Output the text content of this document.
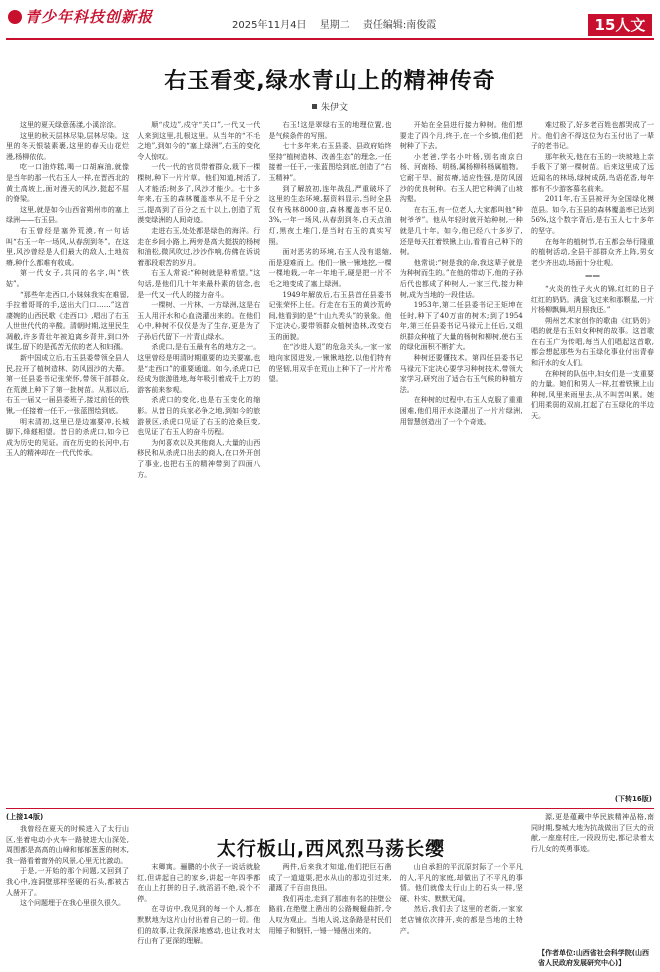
青少年科技创新报	2025年11月4日 星期二 责任编辑:南俊霞	15人文
右玉看变,绿水青山上的精神传奇
朱伊文

这里的夏天绿意荡漾,小溪淙淙。

这里的秋天层林尽染,层林尽染。这里的冬天银装素裹,这里的春天山花烂漫,杨柳依依。

吃一口油炸糕,喝一口胡麻油,就像是当年的那一代右玉人一样,在晋西北的黄土高坡上,面对漫天的风沙,挺起不屈的脊梁。

这里,就是如今山西省朔州市的塞上绿洲——右玉县。

右玉曾经是塞外荒漠,有一句话叫“右玉一年一场风,从春刮到冬”。在这里,风沙曾经是人们最大的敌人,土地贫瘠,种什么都难有收成。

第一代女子,共同的名字,叫“铁姑”。

“那些年走西口,小妹妹我实在难留,手拉着哥哥的手,送出大门口……”这首凄婉的山西民歌《走西口》,唱出了右玉人世世代代的辛酸。清朝时期,这里民生凋敝,许多青壮年被迫离乡背井,到口外谋生,留下的是孤苦无依的老人和妇孺。

新中国成立后,右玉县委带领全县人民,拉开了植树造林、防风固沙的大幕。第一任县委书记张荣怀,带领干部群众,在荒漠上种下了第一批树苗。从那以后,右玉一届又一届县委班子,接过前任的铁锹,一任接着一任干,一张蓝图绘到底。

明末清初,这里已是边塞要冲,长城脚下,烽燧相望。昔日的杀虎口,如今已成为历史的见证。而在历史的长河中,右玉人的精神却在一代代传承。

顺“戍边”,戍守“关口”,一代又一代人来到这里,扎根这里。从当年的“不毛之地”,到如今的“塞上绿洲”,右玉的变化令人惊叹。

一代一代的官员带着群众,栽下一棵棵树,种下一片片草。他们知道,树活了,人才能活;树多了,风沙才能少。七十多年来,右玉的森林覆盖率从不足千分之三,提高到了百分之五十以上,创造了荒漠变绿洲的人间奇迹。

走进右玉,处处都是绿色的海洋。行走在乡间小路上,两旁是高大挺拔的杨树和油松,微风吹过,沙沙作响,仿佛在诉说着那段艰苦的岁月。

右玉人常说:“种树就是种希望。”这句话,是他们几十年来最朴素的信念,也是一代又一代人的接力奋斗。

一棵树、一片林、一方绿洲,这是右玉人用汗水和心血浇灌出来的。在他们心中,种树不仅仅是为了生存,更是为了子孙后代留下一片青山绿水。

杀虎口,是右玉最有名的地方之一。这里曾经是明清时期重要的边关要塞,也是“走西口”的重要通道。如今,杀虎口已经成为旅游胜地,每年吸引着成千上万的游客前来参观。

杀虎口的变化,也是右玉变化的缩影。从昔日的兵家必争之地,到如今的旅游景区,杀虎口见证了右玉的沧桑巨变,也见证了右玉人的奋斗历程。

为何喜欢以及其他商人,大量的山西移民和从杀虎口出去的商人,在口外开创了事业,也把右玉的精神带到了四面八方。

右玉!这是翠绿右玉的地理位置,也是气候条件的写照。

七十多年来,右玉县委、县政府始终坚持“植树造林、改善生态”的理念,一任接着一任干,一张蓝图绘到底,创造了“右玉精神”。

到了解放初,连年战乱,严重破坏了这里的生态环境,据资料显示,当时全县仅有残林8000亩,森林覆盖率不足0.3%,一年一场风,从春刮到冬,白天点油灯,黑夜土堆门,是当时右玉的真实写照。

面对恶劣的环境,右玉人没有退缩,而是迎难而上。他们一锹一锹地挖,一棵一棵地栽,一年一年地干,硬是把一片不毛之地变成了塞上绿洲。

1949年解放后,右玉县首任县委书记张荣怀上任。行走在右玉的黄沙荒岭间,他看到的是“十山九秃头”的景象。他下定决心,要带领群众植树造林,改变右玉的面貌。

在“沙进人退”的危急关头,一家一家地向家园进发,一锹锹地挖,以他们特有的坚韧,用双手在荒山上种下了一片片希望。

开始在全县进行接力种树。他们想要走了四个月,终于,在一个乡镇,他们把树种了下去。

小老爸,学名小叶杨,别名南京白杨、河南杨、明杨,属杨柳科杨属植物。它耐干旱、耐贫瘠,适应性强,是防风固沙的优良树种。右玉人把它种满了山坡沟壑。

在右玉,有一位老人,大家都叫他“种树爷爷”。他从年轻时就开始种树,一种就是几十年。如今,他已经八十多岁了,还是每天扛着铁锹上山,看看自己种下的树。

他常说:“树是我的命,我这辈子就是为种树而生的。”在他的带动下,他的子孙后代也都成了种树人,一家三代,接力种树,成为当地的一段佳话。

1953年,第二任县委书记王矩坤在任时,种下了40万亩的树木;到了1954年,第三任县委书记马禄元上任后,又组织群众种植了大量的杨树和柳树,使右玉的绿化面积不断扩大。

种树还要懂技术。第四任县委书记马禄元下定决心要学习种树技术,带领大家学习,研究出了适合右玉气候的种植方法。

在种树的过程中,右玉人克服了重重困难,他们用汗水浇灌出了一片片绿洲,用智慧创造出了一个个奇迹。

难过极了,好多老百姓也都哭成了一片。他们舍不得这位为右玉付出了一辈子的老书记。

那年秋天,他在右玉的一块坡地上亲手栽下了第一棵树苗。后来这里成了远近闻名的林场,绿树成荫,鸟语花香,每年都有不少游客慕名前来。

2011年,右玉县被评为全国绿化模范县。如今,右玉县的森林覆盖率已达到56%,这个数字背后,是右玉人七十多年的坚守。

在每年的植树节,右玉都会举行隆重的植树活动,全县干部群众齐上阵,男女老少齐出动,场面十分壮观。

——

“火炎的性子火火的锦,红红的日子红红的奶奶。满盘飞过来和那颗星,一片片杨柳飘舞,明月照我还。”

朔州艺术家创作的歌曲《红奶奶》唱的就是右玉妇女种树的故事。这首歌在右玉广为传唱,每当人们唱起这首歌,都会想起那些为右玉绿化事业付出青春和汗水的女人们。

在种树的队伍中,妇女们是一支重要的力量。她们和男人一样,扛着铁锹上山种树,风里来雨里去,从不叫苦叫累。她们用柔弱的双肩,扛起了右玉绿化的半边天。

(下转16版)
(上接14版)
太行板山,西风烈马荡长缨

我曾经在夏天的时候进入了太行山区,坐着电动小火车一路驶进大山深处,周围都是高高的山峰和郁郁葱葱的树木,我一路看着窗外的风景,心里无比激动。

于是,一开始的那个问题,又回到了我心中,连洞壁那样坚硬的石头,都被古人凿开了。

这个问题埋于在我心里很久很久。

末卿寓。骊鹏的小伙子一说话就脸红,但讲起自己的家乡,讲起一年四季都在山上打拼的日子,就滔滔不绝,说个不停。

在寻访中,我见到的每一个人,都在默默地为这片山付出着自己的一切。他们的故事,让我深深地感动,也让我对太行山有了更深的理解。

两件,后来我才知道,他们把巨石凿成了一道道渠,把水从山的那边引过来,灌溉了千百亩良田。

我们再走,走到了那座有名的挂壁公路前,在绝壁上凿出的公路蜿蜒曲折,令人叹为观止。当地人说,这条路是村民们用锤子和钢钎,一锤一锤凿出来的。

山自承担的平沉原封际了一个平凡的人,平凡的家庭,却做出了不平凡的事情。他们就像太行山上的石头一样,坚硬、朴实、默默无闻。

然后,我们去了这里的老街,一家家老店铺依次排开,卖的都是当地的土特产。

源,更是蕴藏中华民族精神品格,南同时期,黎城大地为抗战做出了巨大的贡献,一座座村庄,一段段历史,都记录着太行儿女的英勇事迹。

【作者单位:山西省社会科学院(山西省人民政府发展研究中心)】
